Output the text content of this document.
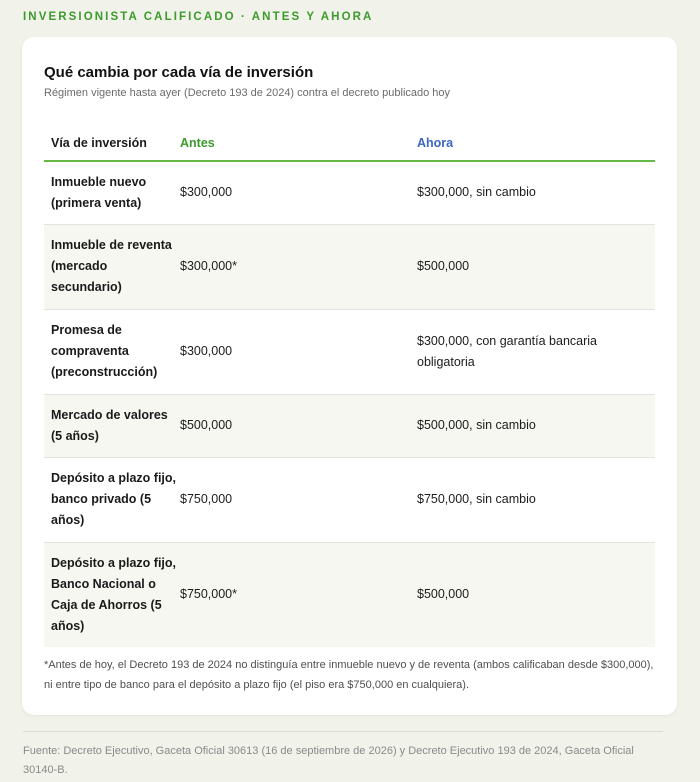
INVERSIONISTA CALIFICADO · ANTES Y AHORA
Qué cambia por cada vía de inversión
Régimen vigente hasta ayer (Decreto 193 de 2024) contra el decreto publicado hoy
Vía de inversión	Antes	Ahora
Inmueble nuevo (primera venta)	$300,000	$300,000, sin cambio
Inmueble de reventa (mercado secundario)	$300,000*	$500,000
Promesa de compraventa (preconstrucción)	$300,000	$300,000, con garantía bancaria obligatoria
Mercado de valores (5 años)	$500,000	$500,000, sin cambio
Depósito a plazo fijo, banco privado (5 años)	$750,000	$750,000, sin cambio
Depósito a plazo fijo, Banco Nacional o Caja de Ahorros (5 años)	$750,000*	$500,000
*Antes de hoy, el Decreto 193 de 2024 no distinguía entre inmueble nuevo y de reventa (ambos calificaban desde $300,000), ni entre tipo de banco para el depósito a plazo fijo (el piso era $750,000 en cualquiera).
Fuente: Decreto Ejecutivo, Gaceta Oficial 30613 (16 de septiembre de 2026) y Decreto Ejecutivo 193 de 2024, Gaceta Oficial 30140-B.
